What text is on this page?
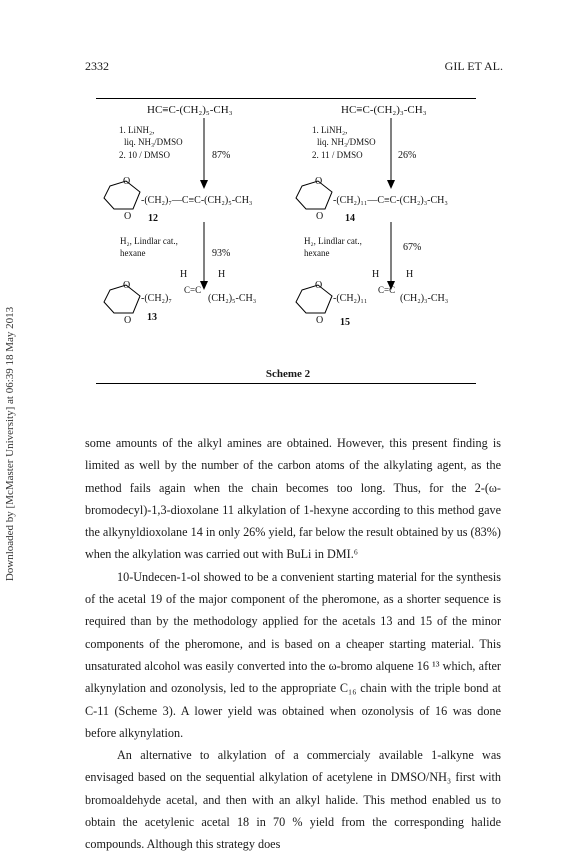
2332	GIL ET AL.
Downloaded by [McMaster University] at 06:39 18 May 2013
HC≡C-(CH₂)₅-CH₃
1. LiNH₂,
liq. NH₃/DMSO
2. 10 / DMSO	87%
O
O
-(CH₂)₇—C≡C-(CH₂)₅-CH₃
12
H₂, Lindlar cat.,
hexane	93%
O
O
-(CH₂)₇
C=C
H	H
(CH₂)₅-CH₃
13
HC≡C-(CH₂)₃-CH₃
1. LiNH₂,
liq. NH₃/DMSO
2. 11 / DMSO	26%
O
O
-(CH₂)₁₁—C≡C-(CH₂)₃-CH₃
14
H₂, Lindlar cat.,
hexane	67%
O
O
-(CH₂)₁₁
C=C
H	H
(CH₂)₃-CH₃
15
Scheme 2

some amounts of the alkyl amines are obtained. However, this present finding is limited as well by the number of the carbon atoms of the alkylating agent, as the method fails again when the chain becomes too long. Thus, for the 2-(ω-bromodecyl)-1,3-dioxolane 11 alkylation of 1-hexyne according to this method gave the alkynyldioxolane 14 in only 26% yield, far below the result obtained by us (83%) when the alkylation was carried out with BuLi in DMI.⁶

10-Undecen-1-ol showed to be a convenient starting material for the synthesis of the acetal 19 of the major component of the pheromone, as a shorter sequence is required than by the methodology applied for the acetals 13 and 15 of the minor components of the pheromone, and is based on a cheaper starting material. This unsaturated alcohol was easily converted into the ω-bromo alquene 16 ¹³ which, after alkynylation and ozonolysis, led to the appropriate C₁₆ chain with the triple bond at C-11 (Scheme 3). A lower yield was obtained when ozonolysis of 16 was done before alkynylation.

An alternative to alkylation of a commercialy available 1-alkyne was envisaged based on the sequential alkylation of acetylene in DMSO/NH₃ first with bromoaldehyde acetal, and then with an alkyl halide. This method enabled us to obtain the acetylenic acetal 18 in 70 % yield from the corresponding halide compounds. Although this strategy does
